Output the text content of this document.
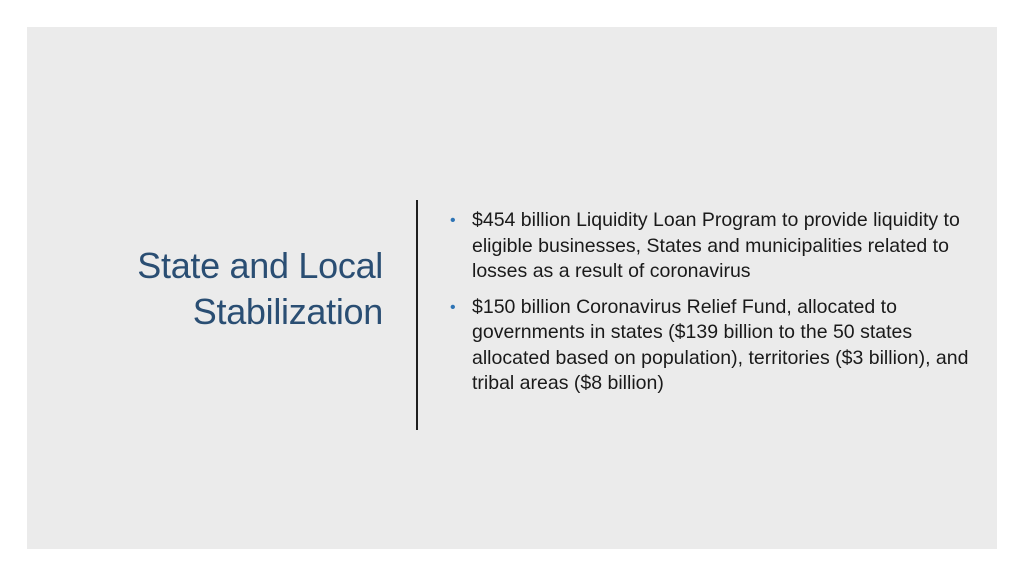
State and Local
Stabilization
• $454 billion Liquidity Loan Program to provide liquidity to eligible businesses, States and municipalities related to losses as a result of coronavirus
• $150 billion Coronavirus Relief Fund, allocated to governments in states ($139 billion to the 50 states allocated based on population), territories ($3 billion), and tribal areas ($8 billion)
